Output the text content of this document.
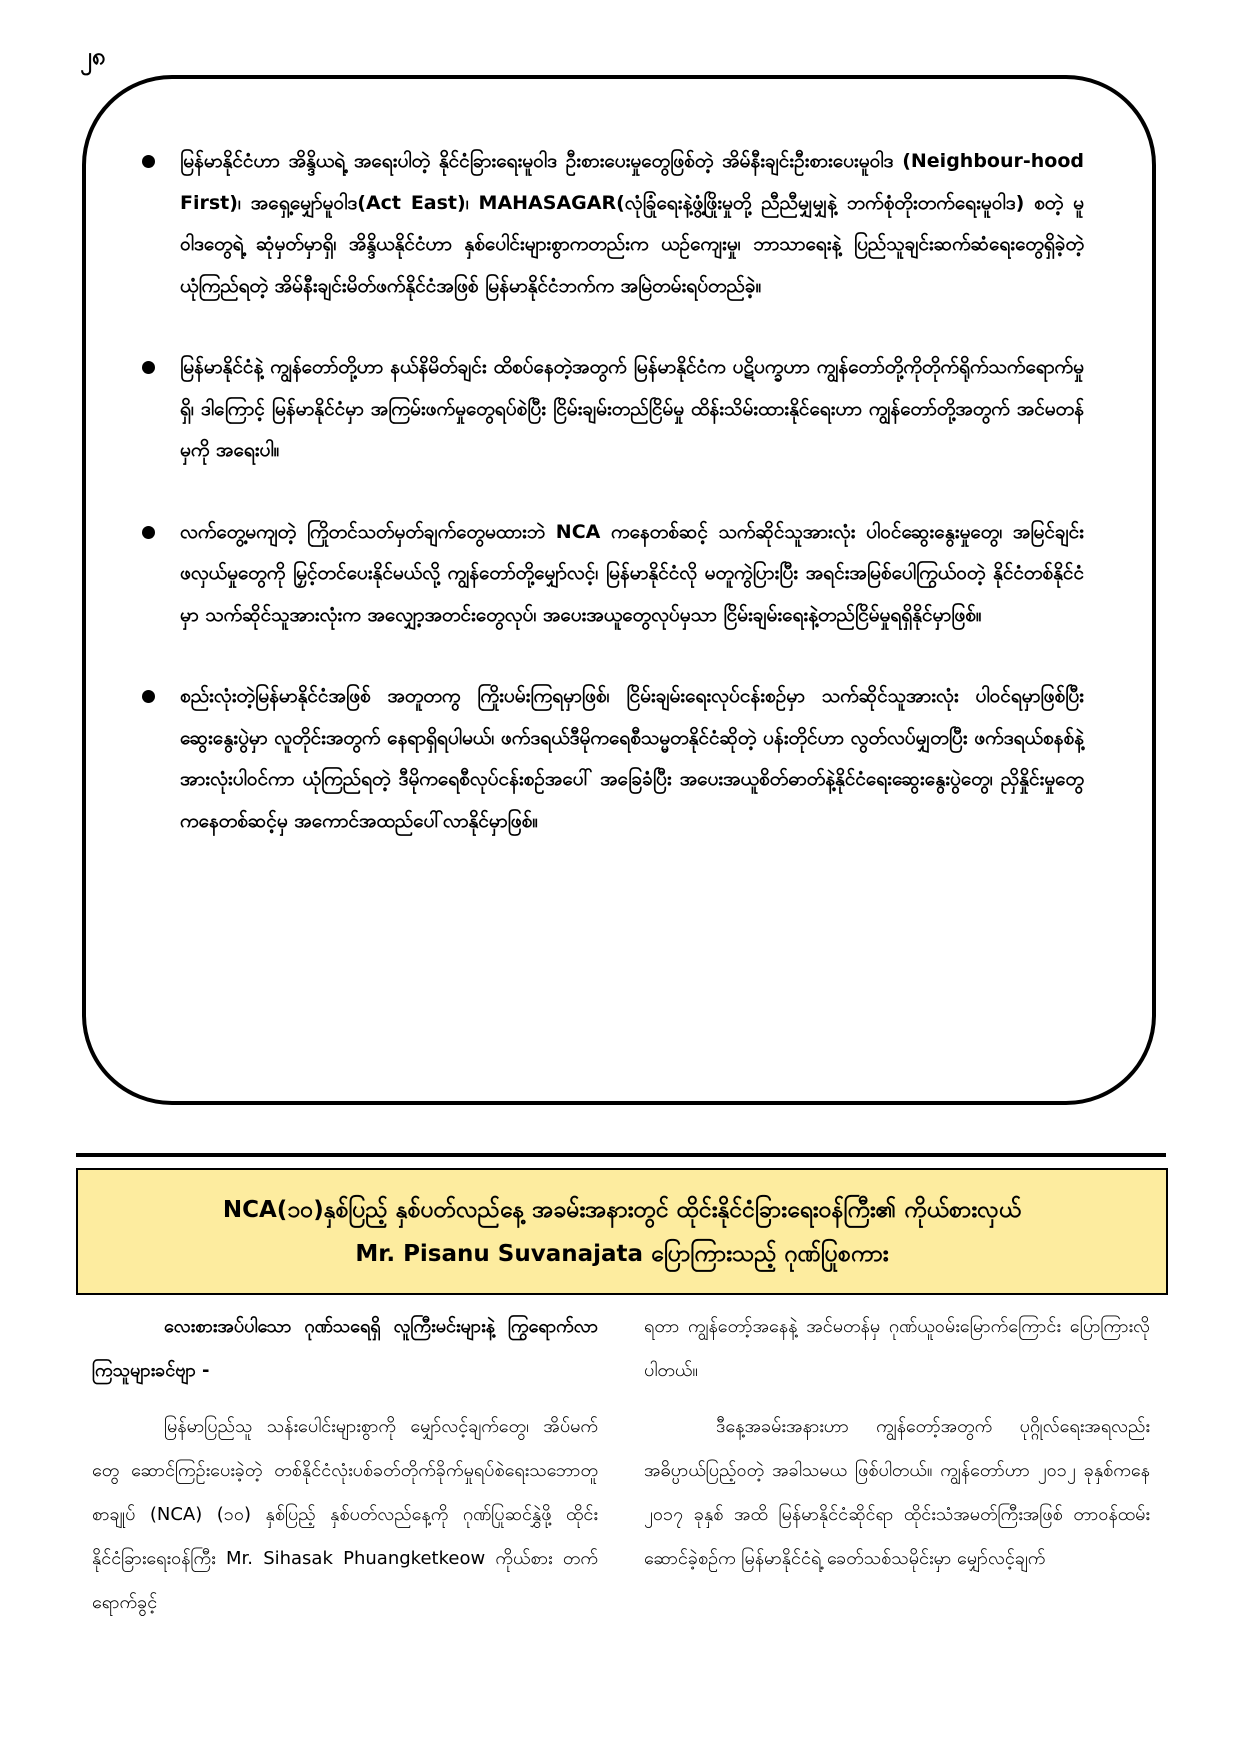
၂၈
မြန်မာနိုင်ငံဟာ အိန္ဒိယရဲ့ အရေးပါတဲ့ နိုင်ငံခြားရေးမူဝါဒ ဦးစားပေးမှုတွေဖြစ်တဲ့ အိမ်နီးချင်းဦးစားပေးမူဝါဒ (Neighbour-hood First)၊ အရှေ့မျှော်မူဝါဒ(Act East)၊ MAHASAGAR(လုံခြုံရေးနဲ့ဖွံ့ဖြိုးမှုတို့ ညီညီမျှမျှနဲ့ ဘက်စုံတိုးတက်ရေးမူဝါဒ) စတဲ့ မူဝါဒတွေရဲ့ ဆုံမှတ်မှာရှိ၊ အိန္ဒိယနိုင်ငံဟာ နှစ်ပေါင်းများစွာကတည်းက ယဉ်ကျေးမှု၊ ဘာသာရေးနဲ့ ပြည်သူချင်းဆက်ဆံရေးတွေရှိခဲ့တဲ့ ယုံကြည်ရတဲ့ အိမ်နီးချင်းမိတ်ဖက်နိုင်ငံအဖြစ် မြန်မာနိုင်ငံဘက်က အမြဲတမ်းရပ်တည်ခဲ့။
မြန်မာနိုင်ငံနဲ့ ကျွန်တော်တို့ဟာ နယ်နိမိတ်ချင်း ထိစပ်နေတဲ့အတွက် မြန်မာနိုင်ငံက ပဋိပက္ခဟာ ကျွန်တော်တို့ကိုတိုက်ရိုက်သက်ရောက်မှုရှိ၊ ဒါကြောင့် မြန်မာနိုင်ငံမှာ အကြမ်းဖက်မှုတွေရပ်စဲပြီး ငြိမ်းချမ်းတည်ငြိမ်မှု ထိန်းသိမ်းထားနိုင်ရေးဟာ ကျွန်တော်တို့အတွက် အင်မတန်မှကို အရေးပါ။
လက်တွေ့မကျတဲ့ ကြိုတင်သတ်မှတ်ချက်တွေမထားဘဲ NCA ကနေတစ်ဆင့် သက်ဆိုင်သူအားလုံး ပါဝင်ဆွေးနွေးမှုတွေ၊ အမြင်ချင်းဖလှယ်မှုတွေကို မြှင့်တင်ပေးနိုင်မယ်လို့ ကျွန်တော်တို့မျှော်လင့်၊ မြန်မာနိုင်ငံလို မတူကွဲပြားပြီး အရင်းအမြစ်ပေါကြွယ်ဝတဲ့ နိုင်ငံတစ်နိုင်ငံမှာ သက်ဆိုင်သူအားလုံးက အလျှော့အတင်းတွေလုပ်၊ အပေးအယူတွေလုပ်မှသာ ငြိမ်းချမ်းရေးနဲ့တည်ငြိမ်မှုရရှိနိုင်မှာဖြစ်။
စည်းလုံးတဲ့မြန်မာနိုင်ငံအဖြစ် အတူတကွ ကြိုးပမ်းကြရမှာဖြစ်၊ ငြိမ်းချမ်းရေးလုပ်ငန်းစဉ်မှာ သက်ဆိုင်သူအားလုံး ပါဝင်ရမှာဖြစ်ပြီး ဆွေးနွေးပွဲမှာ လူတိုင်းအတွက် နေရာရှိရပါမယ်၊ ဖက်ဒရယ်ဒီမိုကရေစီသမ္မတနိုင်ငံဆိုတဲ့ ပန်းတိုင်ဟာ လွတ်လပ်မျှတပြီး ဖက်ဒရယ်စနစ်နဲ့ အားလုံးပါဝင်ကာ ယုံကြည်ရတဲ့ ဒီမိုကရေစီလုပ်ငန်းစဉ်အပေါ် အခြေခံပြီး အပေးအယူစိတ်ဓာတ်နဲ့နိုင်ငံရေးဆွေးနွေးပွဲတွေ၊ ညှိနှိုင်းမှုတွေကနေတစ်ဆင့်မှ အကောင်အထည်ပေါ်လာနိုင်မှာဖြစ်။
NCA(၁၀)နှစ်ပြည့် နှစ်ပတ်လည်နေ့ အခမ်းအနားတွင် ထိုင်းနိုင်ငံခြားရေးဝန်ကြီး၏ ကိုယ်စားလှယ်
Mr. Pisanu Suvanajata ပြောကြားသည့် ဂုဏ်ပြုစကား

လေးစားအပ်ပါသော ဂုဏ်သရေရှိ လူကြီးမင်းများနဲ့ ကြွရောက်လာကြသူများခင်ဗျာ -

မြန်မာပြည်သူ သန်းပေါင်းများစွာကို မျှော်လင့်ချက်တွေ၊ အိပ်မက်တွေ ဆောင်ကြဉ်းပေးခဲ့တဲ့ တစ်နိုင်ငံလုံးပစ်ခတ်တိုက်ခိုက်မှုရပ်စဲရေးသဘောတူစာချုပ် (NCA) (၁၀) နှစ်ပြည့် နှစ်ပတ်လည်နေ့ကို ဂုဏ်ပြုဆင်နွှဲဖို့ ထိုင်းနိုင်ငံခြားရေးဝန်ကြီး Mr. Sihasak Phuangketkeow ကိုယ်စား တက်ရောက်ခွင့်

ရတာ ကျွန်တော့်အနေနဲ့ အင်မတန်မှ ဂုဏ်ယူဝမ်းမြောက်ကြောင်း ပြောကြားလိုပါတယ်။

ဒီနေ့အခမ်းအနားဟာ ကျွန်တော့်အတွက် ပုဂ္ဂိုလ်ရေးအရလည်း အဓိပ္ပာယ်ပြည့်ဝတဲ့ အခါသမယ ဖြစ်ပါတယ်။ ကျွန်တော်ဟာ ၂၀၁၂ ခုနှစ်ကနေ ၂၀၁၇ ခုနှစ် အထိ မြန်မာနိုင်ငံဆိုင်ရာ ထိုင်းသံအမတ်ကြီးအဖြစ် တာဝန်ထမ်းဆောင်ခဲ့စဉ်က မြန်မာနိုင်ငံရဲ့ ခေတ်သစ်သမိုင်းမှာ မျှော်လင့်ချက်
